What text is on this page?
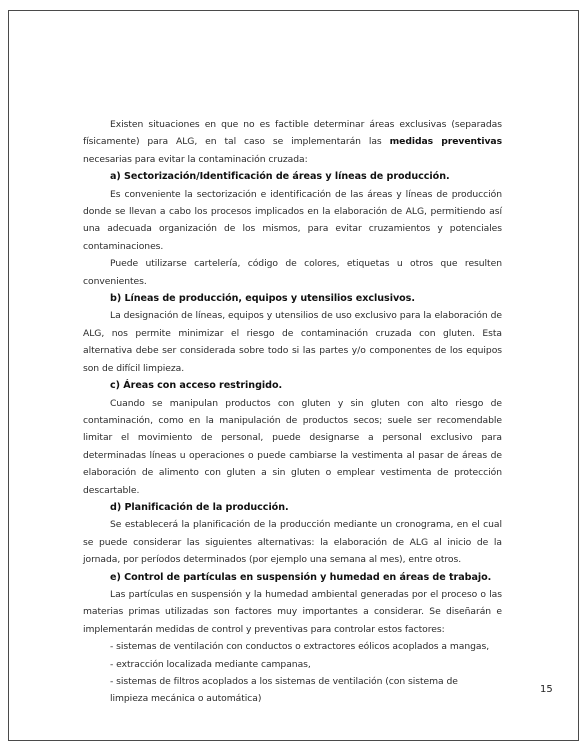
Existen situaciones en que no es factible determinar áreas exclusivas (separadas físicamente) para ALG, en tal caso se implementarán las medidas preventivas necesarias para evitar la contaminación cruzada:

a) Sectorización/Identificación de áreas y líneas de producción.

Es conveniente la sectorización e identificación de las áreas y líneas de producción donde se llevan a cabo los procesos implicados en la elaboración de ALG, permitiendo así una adecuada organización de los mismos, para evitar cruzamientos y potenciales contaminaciones.

Puede utilizarse cartelería, código de colores, etiquetas u otros que resulten convenientes.

b) Líneas de producción, equipos y utensilios exclusivos.

La designación de líneas, equipos y utensilios de uso exclusivo para la elaboración de ALG, nos permite minimizar el riesgo de contaminación cruzada con gluten. Esta alternativa debe ser considerada sobre todo si las partes y/o componentes de los equipos son de difícil limpieza.

c) Áreas con acceso restringido.

Cuando se manipulan productos con gluten y sin gluten con alto riesgo de contaminación, como en la manipulación de productos secos; suele ser recomendable limitar el movimiento de personal, puede designarse a personal exclusivo para determinadas líneas u operaciones o puede cambiarse la vestimenta al pasar de áreas de elaboración de alimento con gluten a sin gluten o emplear vestimenta de protección descartable.

d) Planificación de la producción.

Se establecerá la planificación de la producción mediante un cronograma, en el cual se puede considerar las siguientes alternativas: la elaboración de ALG al inicio de la jornada, por períodos determinados (por ejemplo una semana al mes), entre otros.

e) Control de partículas en suspensión y humedad en áreas de trabajo.

Las partículas en suspensión y la humedad ambiental generadas por el proceso o las materias primas utilizadas son factores muy importantes a considerar. Se diseñarán e implementarán medidas de control y preventivas para controlar estos factores:

- sistemas de ventilación con conductos o extractores eólicos acoplados a mangas,
- extracción localizada mediante campanas,
- sistemas de filtros acoplados a los sistemas de ventilación (con sistema de
limpieza mecánica o automática)
15
